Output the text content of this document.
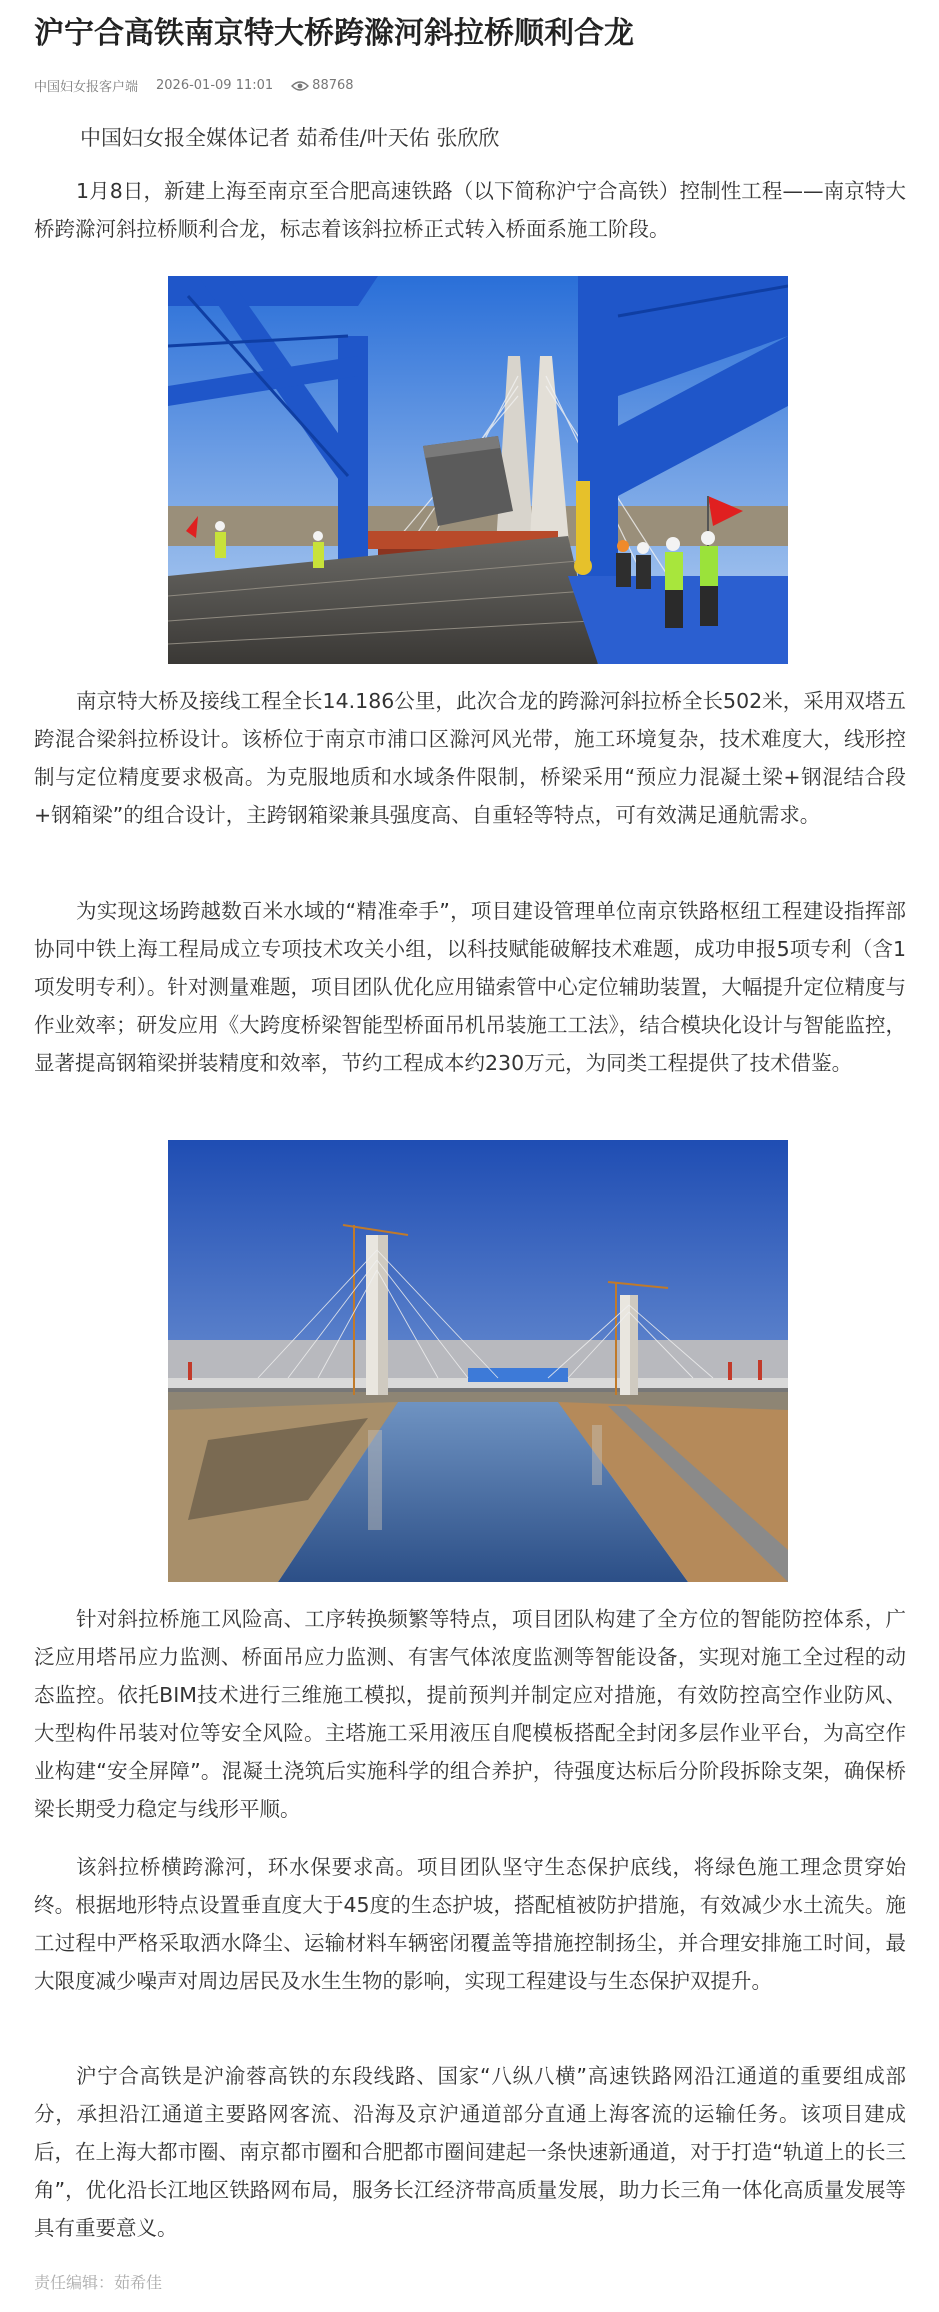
沪宁合高铁南京特大桥跨滁河斜拉桥顺利合龙
中国妇女报客户端 2026-01-09 11:01	88768
中国妇女报全媒体记者 茹希佳/叶天佑 张欣欣

1月8日，新建上海至南京至合肥高速铁路（以下简称沪宁合高铁）控制性工程——南京特大桥跨滁河斜拉桥顺利合龙，标志着该斜拉桥正式转入桥面系施工阶段。

南京特大桥及接线工程全长14.186公里，此次合龙的跨滁河斜拉桥全长502米，采用双塔五跨混合梁斜拉桥设计。该桥位于南京市浦口区滁河风光带，施工环境复杂，技术难度大，线形控制与定位精度要求极高。为克服地质和水域条件限制，桥梁采用“预应力混凝土梁+钢混结合段+钢箱梁”的组合设计，主跨钢箱梁兼具强度高、自重轻等特点，可有效满足通航需求。

为实现这场跨越数百米水域的“精准牵手”，项目建设管理单位南京铁路枢纽工程建设指挥部协同中铁上海工程局成立专项技术攻关小组，以科技赋能破解技术难题，成功申报5项专利（含1项发明专利）。针对测量难题，项目团队优化应用锚索管中心定位辅助装置，大幅提升定位精度与作业效率；研发应用《大跨度桥梁智能型桥面吊机吊装施工工法》，结合模块化设计与智能监控，显著提高钢箱梁拼装精度和效率，节约工程成本约230万元，为同类工程提供了技术借鉴。

针对斜拉桥施工风险高、工序转换频繁等特点，项目团队构建了全方位的智能防控体系，广泛应用塔吊应力监测、桥面吊应力监测、有害气体浓度监测等智能设备，实现对施工全过程的动态监控。依托BIM技术进行三维施工模拟，提前预判并制定应对措施，有效防控高空作业防风、大型构件吊装对位等安全风险。主塔施工采用液压自爬模板搭配全封闭多层作业平台，为高空作业构建“安全屏障”。混凝土浇筑后实施科学的组合养护，待强度达标后分阶段拆除支架，确保桥梁长期受力稳定与线形平顺。

该斜拉桥横跨滁河，环水保要求高。项目团队坚守生态保护底线，将绿色施工理念贯穿始终。根据地形特点设置垂直度大于45度的生态护坡，搭配植被防护措施，有效减少水土流失。施工过程中严格采取洒水降尘、运输材料车辆密闭覆盖等措施控制扬尘，并合理安排施工时间，最大限度减少噪声对周边居民及水生生物的影响，实现工程建设与生态保护双提升。

沪宁合高铁是沪渝蓉高铁的东段线路、国家“八纵八横”高速铁路网沿江通道的重要组成部分，承担沿江通道主要路网客流、沿海及京沪通道部分直通上海客流的运输任务。该项目建成后，在上海大都市圈、南京都市圈和合肥都市圈间建起一条快速新通道，对于打造“轨道上的长三角”，优化沿长江地区铁路网布局，服务长江经济带高质量发展，助力长三角一体化高质量发展等具有重要意义。

责任编辑：茹希佳
